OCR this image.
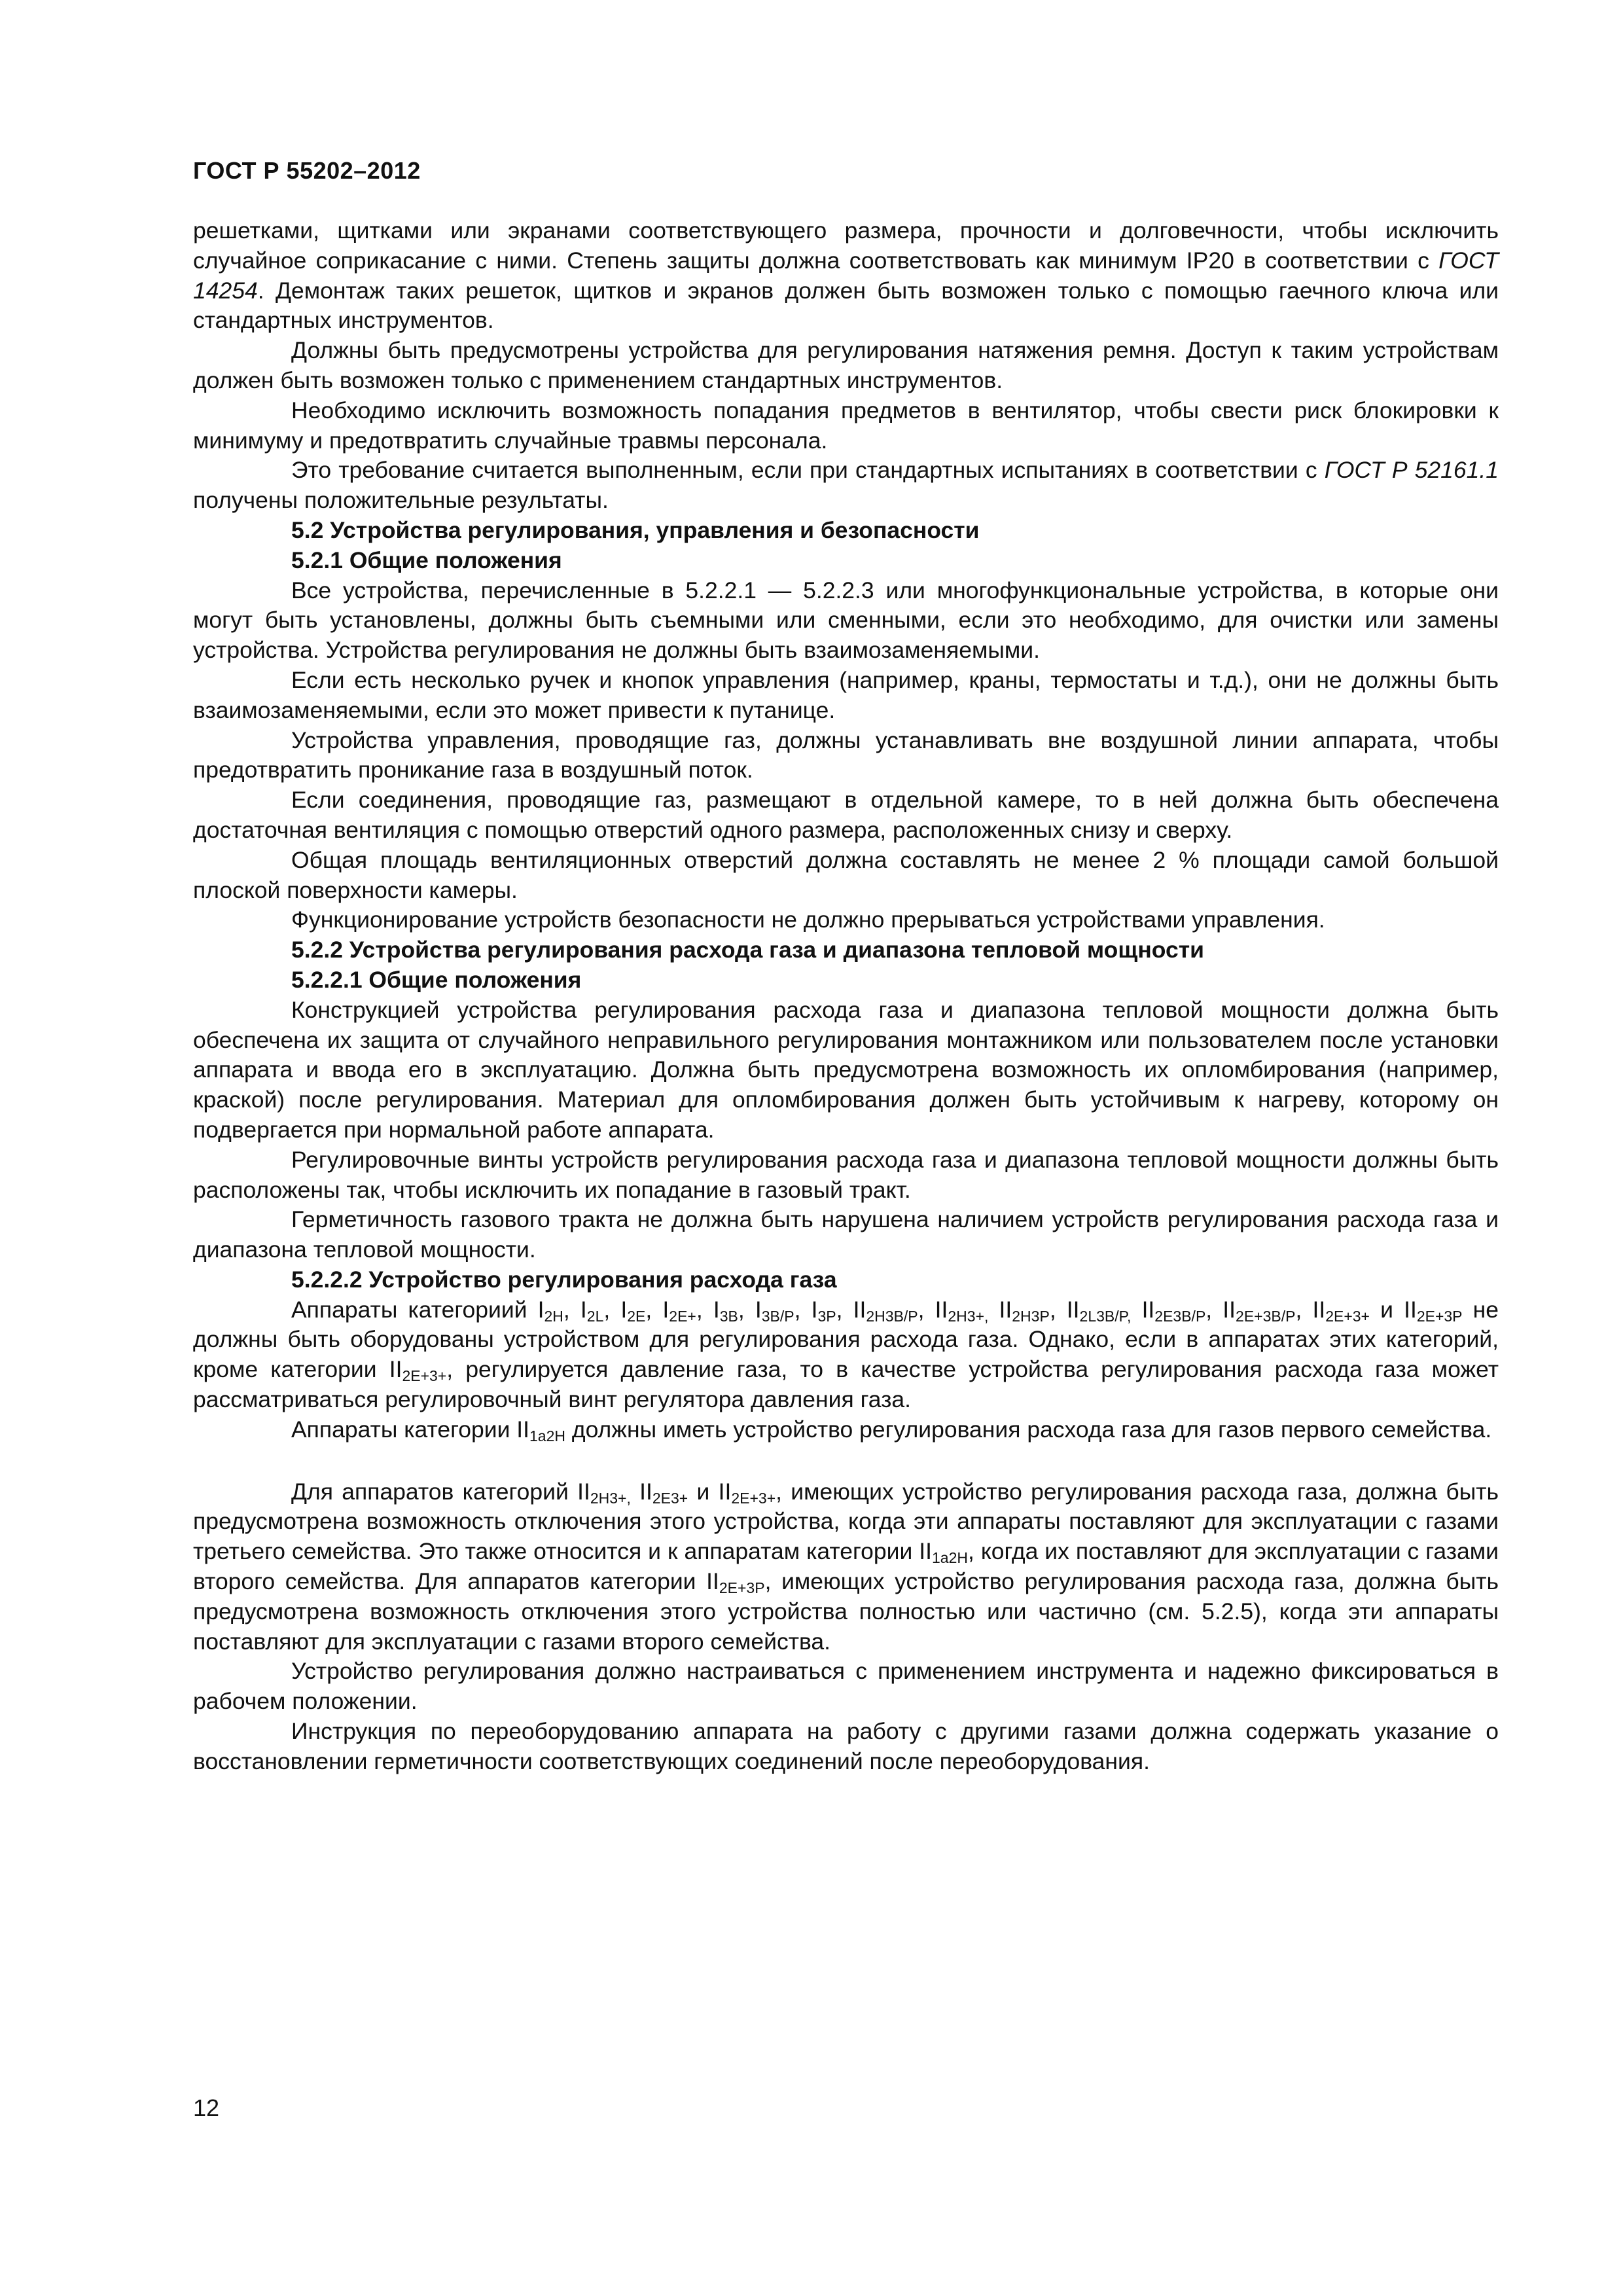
ГОСТ Р 55202–2012

решетками, щитками или экранами соответствующего размера, прочности и долговечности, чтобы исключить случайное соприкасание с ними. Степень защиты должна соответствовать как минимум IP20 в соответствии с ГОСТ 14254. Демонтаж таких решеток, щитков и экранов должен быть возможен только с помощью гаечного ключа или стандартных инструментов.

Должны быть предусмотрены устройства для регулирования натяжения ремня. Доступ к таким устройствам должен быть возможен только с применением стандартных инструментов.

Необходимо исключить возможность попадания предметов в вентилятор, чтобы свести риск блокировки к минимуму и предотвратить случайные травмы персонала.

Это требование считается выполненным, если при стандартных испытаниях в соответствии с ГОСТ Р 52161.1 получены положительные результаты.

5.2 Устройства регулирования, управления и безопасности

5.2.1 Общие положения

Все устройства, перечисленные в 5.2.2.1 — 5.2.2.3 или многофункциональные устройства, в которые они могут быть установлены, должны быть съемными или сменными, если это необходимо, для очистки или замены устройства. Устройства регулирования не должны быть взаимозаменяемыми.

Если есть несколько ручек и кнопок управления (например, краны, термостаты и т.д.), они не должны быть взаимозаменяемыми, если это может привести к путанице.

Устройства управления, проводящие газ, должны устанавливать вне воздушной линии аппарата, чтобы предотвратить проникание газа в воздушный поток.

Если соединения, проводящие газ, размещают в отдельной камере, то в ней должна быть обеспечена достаточная вентиляция с помощью отверстий одного размера, расположенных снизу и сверху.

Общая площадь вентиляционных отверстий должна составлять не менее 2 % площади самой большой плоской поверхности камеры.

Функционирование устройств безопасности не должно прерываться устройствами управления.

5.2.2 Устройства регулирования расхода газа и диапазона тепловой мощности

5.2.2.1 Общие положения

Конструкцией устройства регулирования расхода газа и диапазона тепловой мощности должна быть обеспечена их защита от случайного неправильного регулирования монтажником или пользователем после установки аппарата и ввода его в эксплуатацию. Должна быть предусмотрена возможность их опломбирования (например, краской) после регулирования. Материал для опломбирования должен быть устойчивым к нагреву, которому он подвергается при нормальной работе аппарата.

Регулировочные винты устройств регулирования расхода газа и диапазона тепловой мощности должны быть расположены так, чтобы исключить их попадание в газовый тракт.

Герметичность газового тракта не должна быть нарушена наличием устройств регулирования расхода газа и диапазона тепловой мощности.

5.2.2.2 Устройство регулирования расхода газа

Аппараты категориий $I_{2H}$, $I_{2L}$, $I_{2E}$, $I_{2E+}$, $I_{3B}$, $I_{3B/P}$, $I_{3P}$, $II_{2H3B/P}$, $II_{2H3+,}$ $II_{2H3P}$, $II_{2L3B/P,}$ $II_{2E3B/P}$, $II_{2E+3B/P}$, $II_{2E+3+}$ и $II_{2E+3P}$ не должны быть оборудованы устройством для регулирования расхода газа. Однако, если в аппаратах этих категорий, кроме категории $II_{2E+3+}$, регулируется давление газа, то в качестве устройства регулирования расхода газа может рассматриваться регулировочный винт регулятора давления газа.

Аппараты категории $II_{1a2H}$ должны иметь устройство регулирования расхода газа для газов первого семейства.

Для аппаратов категорий $II_{2H3+,}$ $II_{2E3+}$ и $II_{2E+3+}$, имеющих устройство регулирования расхода газа, должна быть предусмотрена возможность отключения этого устройства, когда эти аппараты поставляют для эксплуатации с газами третьего семейства. Это также относится и к аппаратам категории $II_{1a2H}$, когда их поставляют для эксплуатации с газами второго семейства. Для аппаратов категории $II_{2E+3P}$, имеющих устройство регулирования расхода газа, должна быть предусмотрена возможность отключения этого устройства полностью или частично (см. 5.2.5), когда эти аппараты поставляют для эксплуатации с газами второго семейства.

Устройство регулирования должно настраиваться с применением инструмента и надежно фиксироваться в рабочем положении.

Инструкция по переоборудованию аппарата на работу с другими газами должна содержать указание о восстановлении герметичности соответствующих соединений после переоборудования.

12
